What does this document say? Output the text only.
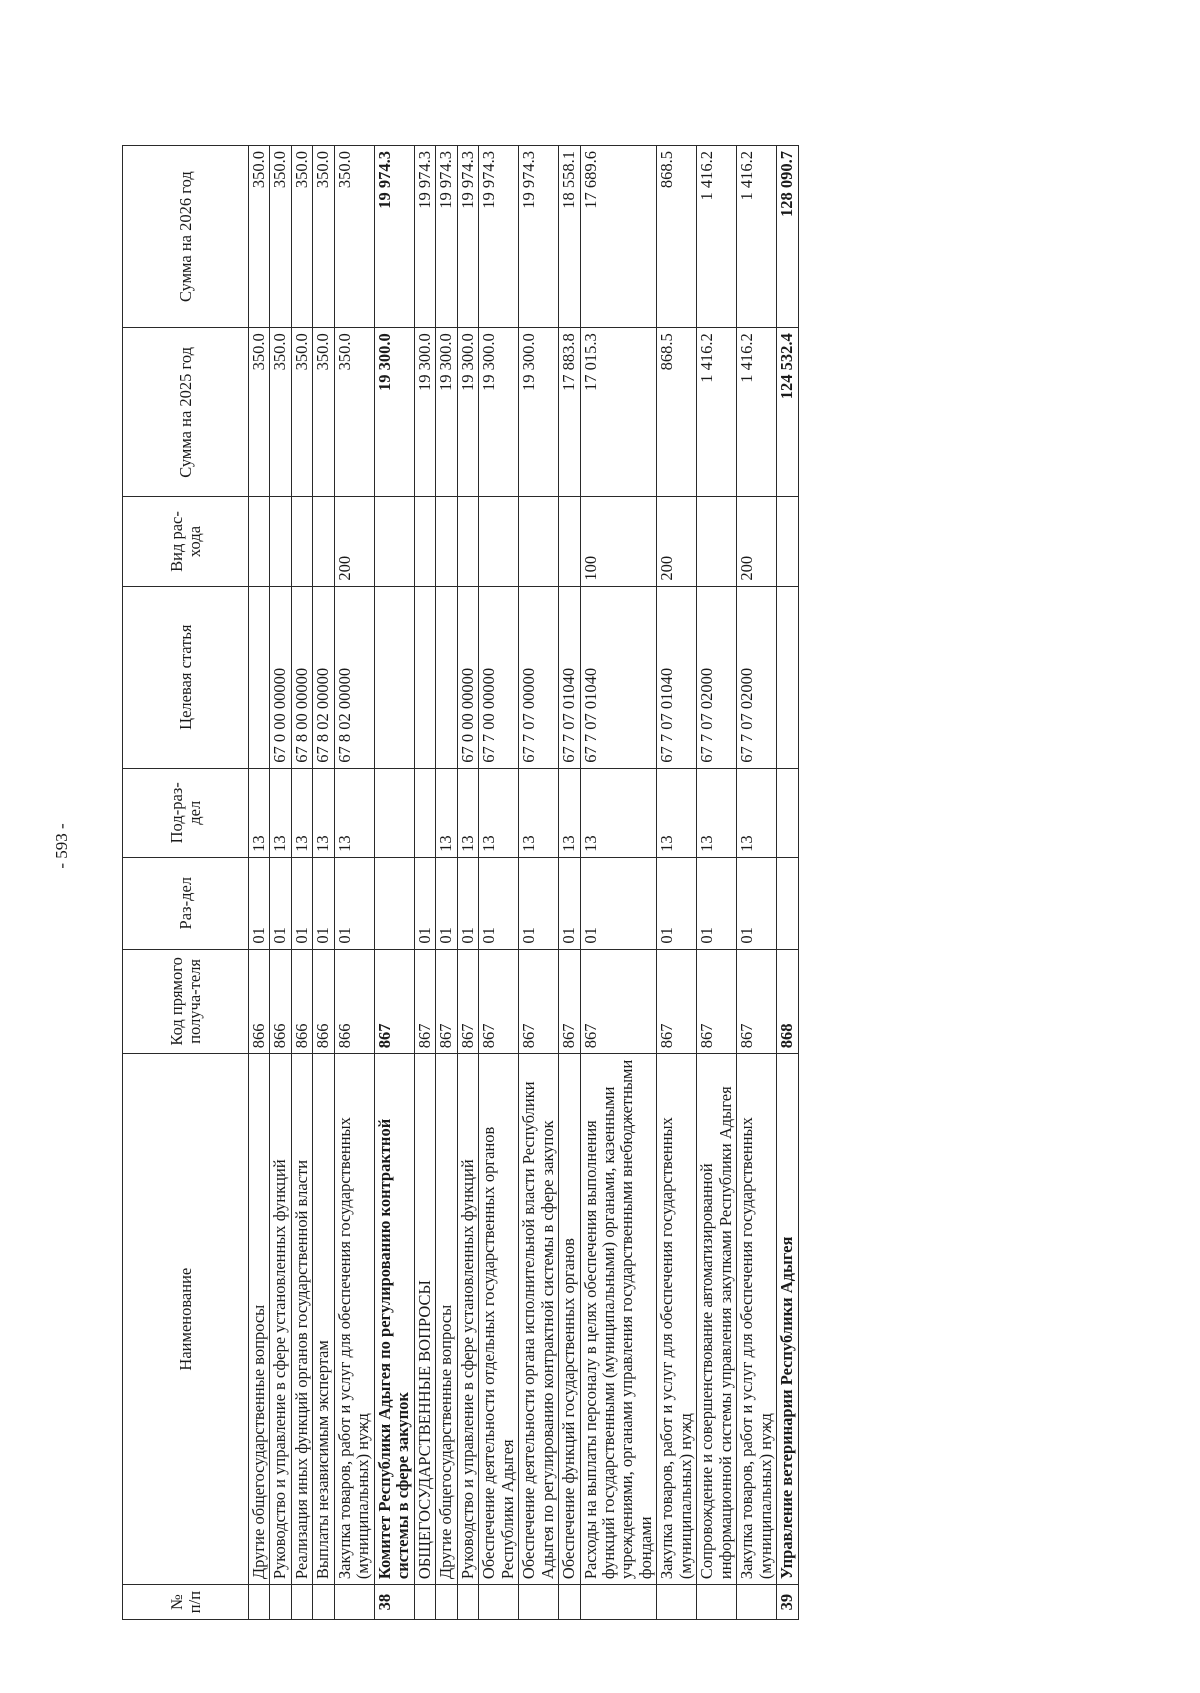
- 593 -
№ п/п	Наименование	Код прямого получа-теля	Раз-дел	Под-раз-дел	Целевая статья	Вид рас-хода	Сумма на 2025 год	Сумма на 2026 год
	Другие общегосударственные вопросы	866	01	13			350.0	350.0
	Руководство и управление в сфере установленных функций	866	01	13	67 0 00 00000		350.0	350.0
	Реализация иных функций органов государственной власти	866	01	13	67 8 00 00000		350.0	350.0
	Выплаты независимым экспертам	866	01	13	67 8 02 00000		350.0	350.0
	Закупка товаров, работ и услуг для обеспечения государственных (муниципальных) нужд	866	01	13	67 8 02 00000	200	350.0	350.0
38	Комитет Республики Адыгея по регулированию контрактной системы в сфере закупок	867					19 300.0	19 974.3
	ОБЩЕГОСУДАРСТВЕННЫЕ ВОПРОСЫ	867	01				19 300.0	19 974.3
	Другие общегосударственные вопросы	867	01	13			19 300.0	19 974.3
	Руководство и управление в сфере установленных функций	867	01	13	67 0 00 00000		19 300.0	19 974.3
	Обеспечение деятельности отдельных государственных органов Республики Адыгея	867	01	13	67 7 00 00000		19 300.0	19 974.3
	Обеспечение деятельности органа исполнительной власти Республики Адыгея по регулированию контрактной системы в сфере закупок	867	01	13	67 7 07 00000		19 300.0	19 974.3
	Обеспечение функций государственных органов	867	01	13	67 7 07 01040		17 883.8	18 558.1
	Расходы на выплаты персоналу в целях обеспечения выполнения функций государственными (муниципальными) органами, казенными учреждениями, органами управления государственными внебюджетными фондами	867	01	13	67 7 07 01040	100	17 015.3	17 689.6
	Закупка товаров, работ и услуг для обеспечения государственных (муниципальных) нужд	867	01	13	67 7 07 01040	200	868.5	868.5
	Сопровождение и совершенствование автоматизированной информационной системы управления закупками Республики Адыгея	867	01	13	67 7 07 02000		1 416.2	1 416.2
	Закупка товаров, работ и услуг для обеспечения государственных (муниципальных) нужд	867	01	13	67 7 07 02000	200	1 416.2	1 416.2
39	Управление ветеринарии Республики Адыгея	868					124 532.4	128 090.7
